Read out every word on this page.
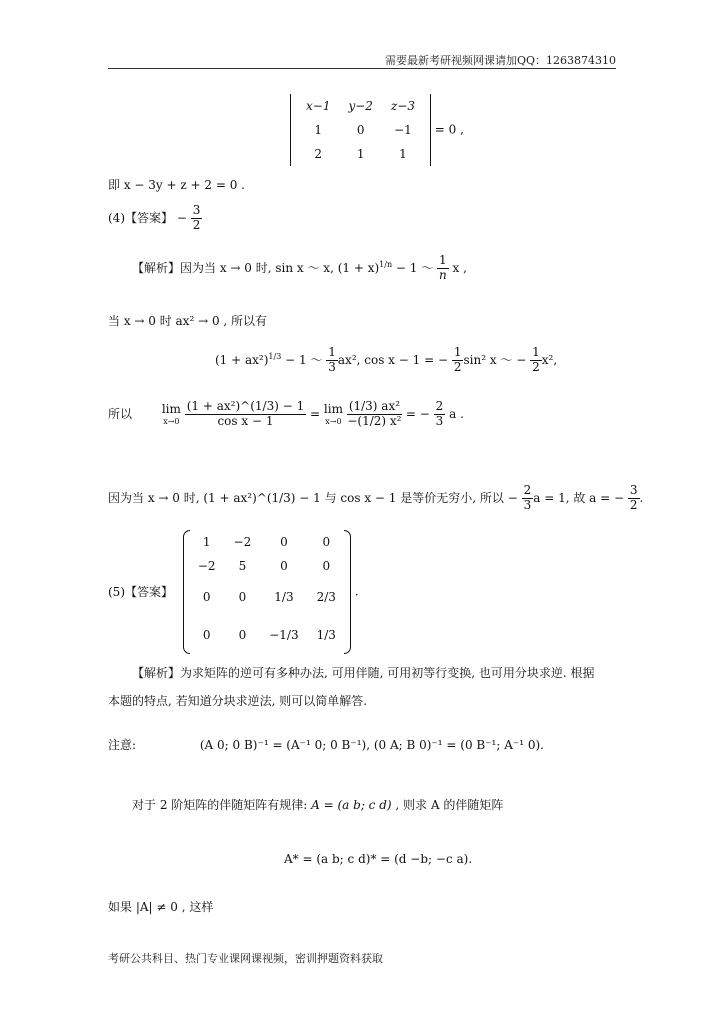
需要最新考研视频网课请加QQ：1263874310
x−1	y−2	z−3
1	0	−1
2	1	1
= 0 ,
即 x − 3y + z + 2 = 0 .
(4)【答案】 − $\frac{3}{2}$
【解析】因为当 x → 0 时, sin x ～ x, $(1 + x)^{1/n} - 1$ ～ $\frac{1}{n}$ x ,
当 x → 0 时 ax² → 0 , 所以有
$(1 + ax^2)^{1/3} - 1$ ～ $\frac{1}{3} ax^2$, cos x − 1 = − $\frac{1}{2} \sin^2$ x ～ − $\frac{1}{2} x^2$,
所以 lim
x→0
$\frac{\text{(1 + ax²)\textasciicircum{}(1/3) − 1}}{\text{cos x − 1}} = \lim$
x→0
$\frac{\text{(1/3) ax²}}{\text{−(1/2) x²}}$ = − $\frac{2}{3}$ a .
因为当 x → 0 时, (1 + ax²)^(1/3) − 1 与 cos x − 1 是等价无穷小, 所以 − $\frac{2}{3}$ a = 1, 故 a = − $\frac{3}{2}$ .
(5)【答案】
1	−2	0	0
−2	5	0	0
0	0	1/3	2/3
0	0	−1/3	1/3
.
【解析】为求矩阵的逆可有多种办法, 可用伴随, 可用初等行变换, 也可用分块求逆. 根据
本题的特点, 若知道分块求逆法, 则可以简单解答.
注意:	(A 0; 0 B)⁻¹ = (A⁻¹ 0; 0 B⁻¹), (0 A; B 0)⁻¹ = (0 B⁻¹; A⁻¹ 0).
对于 2 阶矩阵的伴随矩阵有规律: A = (a b; c d) , 则求 A 的伴随矩阵
A* = (a b; c d)* = (d −b; −c a).
如果 |A| ≠ 0 , 这样
考研公共科目、热门专业课网课视频，密训押题资料获取
